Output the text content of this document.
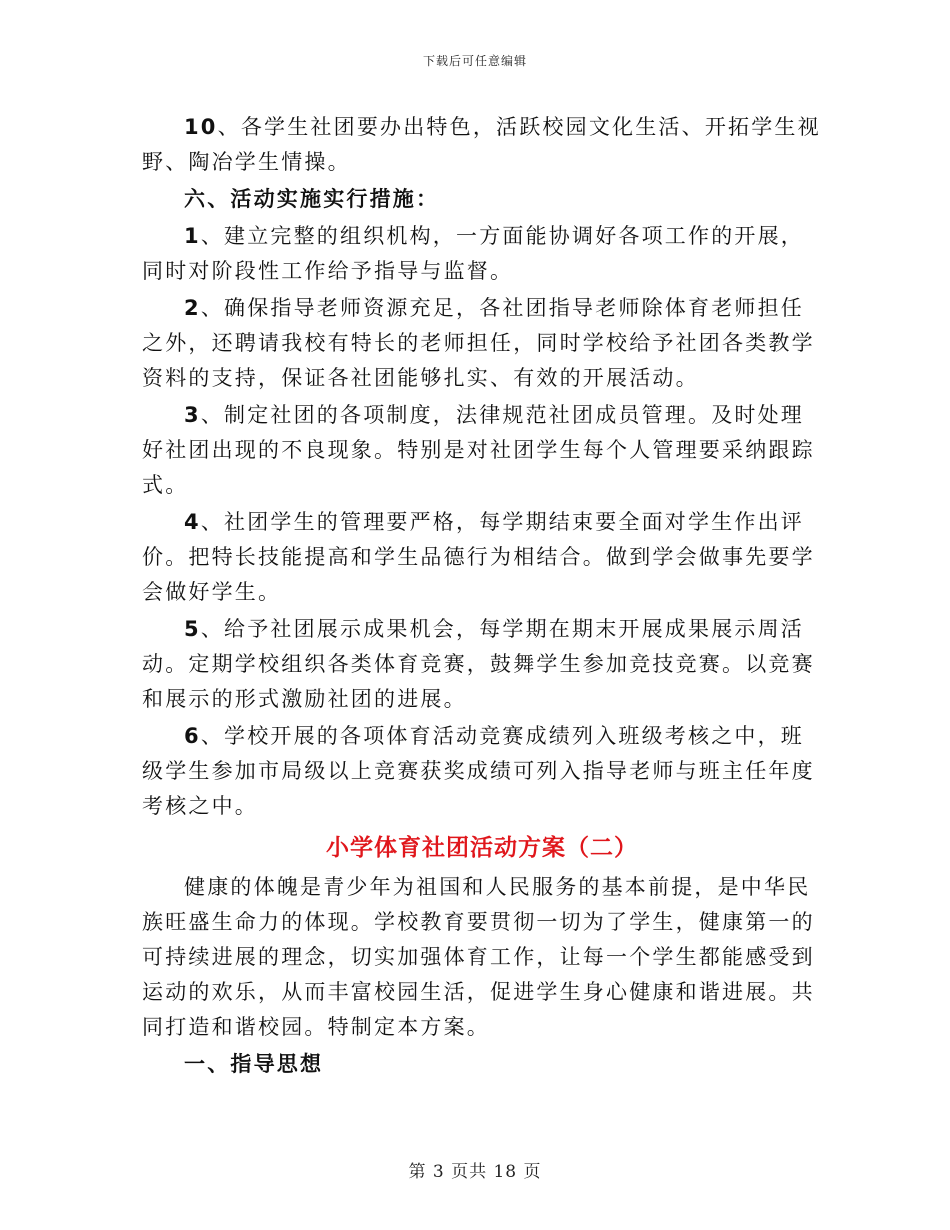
下载后可任意编辑

10、各学生社团要办出特色，活跃校园文化生活、开拓学生视野、陶冶学生情操。

六、活动实施实行措施：

1、建立完整的组织机构，一方面能协调好各项工作的开展，同时对阶段性工作给予指导与监督。

2、确保指导老师资源充足，各社团指导老师除体育老师担任之外，还聘请我校有特长的老师担任，同时学校给予社团各类教学资料的支持，保证各社团能够扎实、有效的开展活动。

3、制定社团的各项制度，法律规范社团成员管理。及时处理好社团出现的不良现象。特别是对社团学生每个人管理要采纳跟踪式。

4、社团学生的管理要严格，每学期结束要全面对学生作出评价。把特长技能提高和学生品德行为相结合。做到学会做事先要学会做好学生。

5、给予社团展示成果机会，每学期在期末开展成果展示周活动。定期学校组织各类体育竞赛，鼓舞学生参加竞技竞赛。以竞赛和展示的形式激励社团的进展。

6、学校开展的各项体育活动竞赛成绩列入班级考核之中，班级学生参加市局级以上竞赛获奖成绩可列入指导老师与班主任年度考核之中。

小学体育社团活动方案（二）

健康的体魄是青少年为祖国和人民服务的基本前提，是中华民族旺盛生命力的体现。学校教育要贯彻一切为了学生，健康第一的可持续进展的理念，切实加强体育工作，让每一个学生都能感受到运动的欢乐，从而丰富校园生活，促进学生身心健康和谐进展。共同打造和谐校园。特制定本方案。

一、指导思想

第 3 页共 18 页
